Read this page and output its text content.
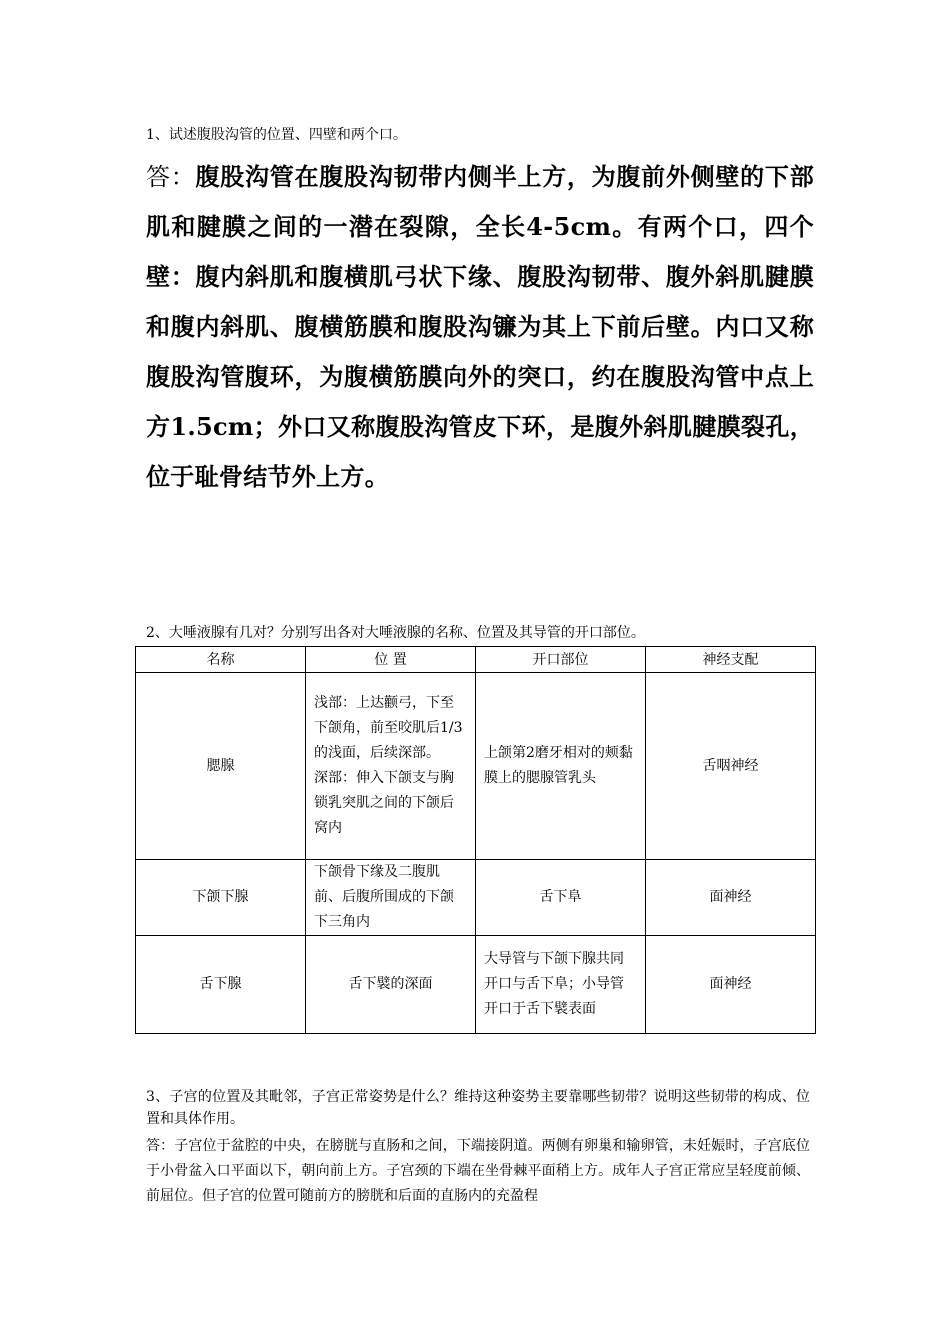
1、试述腹股沟管的位置、四壁和两个口。

答：腹股沟管在腹股沟韧带内侧半上方，为腹前外侧壁的下部肌和腱膜之间的一潜在裂隙，全长4-5cm。有两个口，四个壁：腹内斜肌和腹横肌弓状下缘、腹股沟韧带、腹外斜肌腱膜和腹内斜肌、腹横筋膜和腹股沟镰为其上下前后壁。内口又称腹股沟管腹环，为腹横筋膜向外的突口，约在腹股沟管中点上方1.5cm；外口又称腹股沟管皮下环，是腹外斜肌腱膜裂孔，位于耻骨结节外上方。

2、大唾液腺有几对？分别写出各对大唾液腺的名称、位置及其导管的开口部位。

名称	位 置	开口部位	神经支配
腮腺	浅部：上达颧弓，下至下颌角，前至咬肌后1/3的浅面，后续深部。
深部：伸入下颌支与胸锁乳突肌之间的下颌后窝内	上颌第2磨牙相对的颊黏膜上的腮腺管乳头	舌咽神经
下颌下腺	下颌骨下缘及二腹肌前、后腹所围成的下颌下三角内	舌下阜	面神经
舌下腺	舌下襞的深面	大导管与下颌下腺共同开口与舌下阜；小导管开口于舌下襞表面	面神经

3、子宫的位置及其毗邻，子宫正常姿势是什么？维持这种姿势主要靠哪些韧带？说明这些韧带的构成、位置和具体作用。

答：子宫位于盆腔的中央，在膀胱与直肠和之间，下端接阴道。两侧有卵巢和输卵管，未妊娠时，子宫底位于小骨盆入口平面以下，朝向前上方。子宫颈的下端在坐骨棘平面稍上方。成年人子宫正常应呈轻度前倾、前屈位。但子宫的位置可随前方的膀胱和后面的直肠内的充盈程
